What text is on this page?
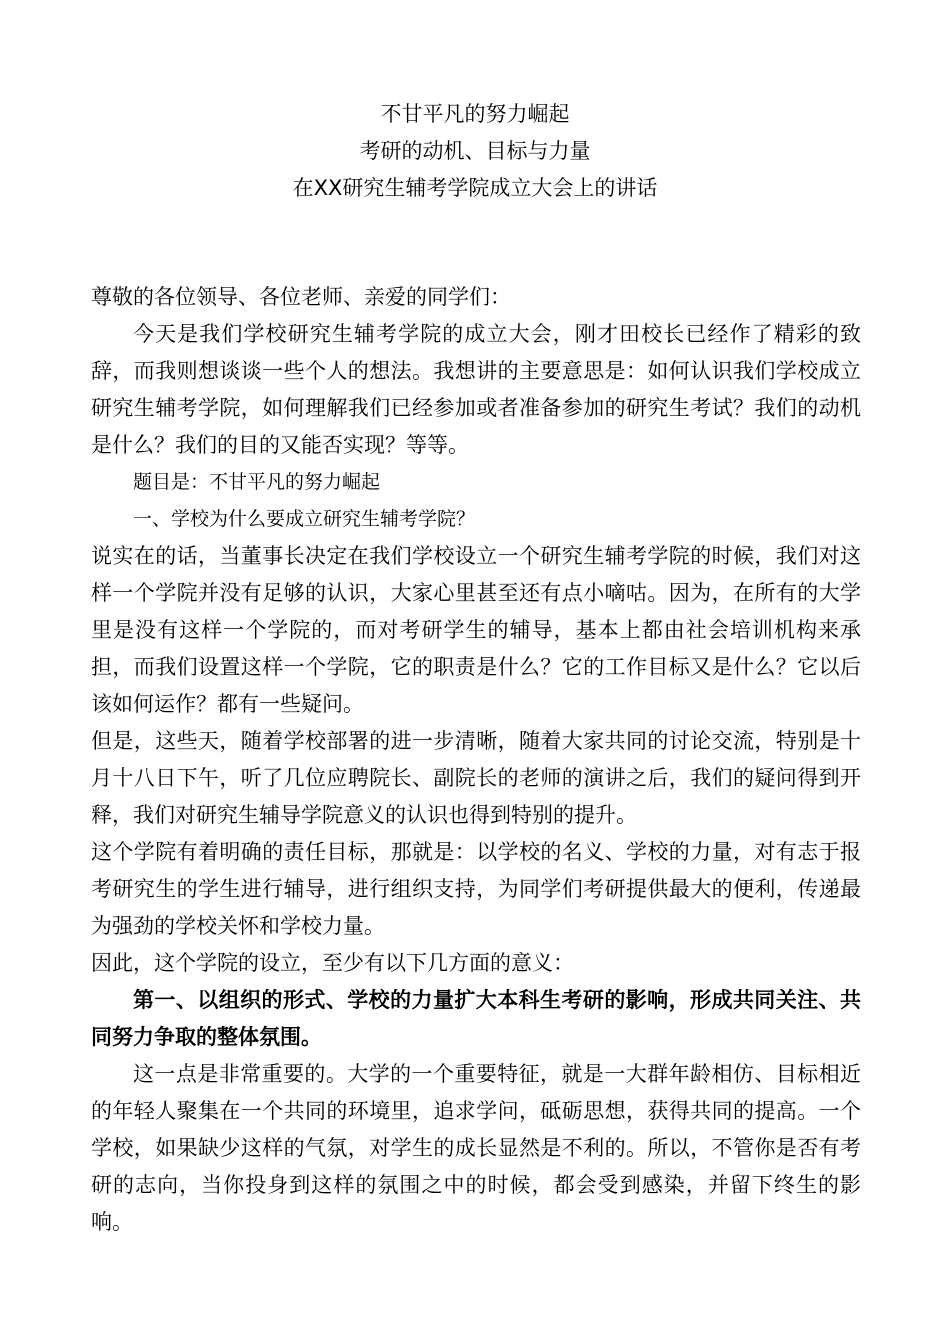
不甘平凡的努力崛起
考研的动机、目标与力量
在XX研究生辅考学院成立大会上的讲话

尊敬的各位领导、各位老师、亲爱的同学们：

今天是我们学校研究生辅考学院的成立大会，刚才田校长已经作了精彩的致辞，而我则想谈谈一些个人的想法。我想讲的主要意思是：如何认识我们学校成立研究生辅考学院，如何理解我们已经参加或者准备参加的研究生考试？我们的动机是什么？我们的目的又能否实现？等等。

题目是：不甘平凡的努力崛起

一、学校为什么要成立研究生辅考学院？

说实在的话，当董事长决定在我们学校设立一个研究生辅考学院的时候，我们对这样一个学院并没有足够的认识，大家心里甚至还有点小嘀咕。因为，在所有的大学里是没有这样一个学院的，而对考研学生的辅导，基本上都由社会培训机构来承担，而我们设置这样一个学院，它的职责是什么？它的工作目标又是什么？它以后该如何运作？都有一些疑问。

但是，这些天，随着学校部署的进一步清晰，随着大家共同的讨论交流，特别是十月十八日下午，听了几位应聘院长、副院长的老师的演讲之后，我们的疑问得到开释，我们对研究生辅导学院意义的认识也得到特别的提升。

这个学院有着明确的责任目标，那就是：以学校的名义、学校的力量，对有志于报考研究生的学生进行辅导，进行组织支持，为同学们考研提供最大的便利，传递最为强劲的学校关怀和学校力量。

因此，这个学院的设立，至少有以下几方面的意义：

第一、以组织的形式、学校的力量扩大本科生考研的影响，形成共同关注、共同努力争取的整体氛围。

这一点是非常重要的。大学的一个重要特征，就是一大群年龄相仿、目标相近的年轻人聚集在一个共同的环境里，追求学问，砥砺思想，获得共同的提高。一个学校，如果缺少这样的气氛，对学生的成长显然是不利的。所以，不管你是否有考研的志向，当你投身到这样的氛围之中的时候，都会受到感染，并留下终生的影响。
